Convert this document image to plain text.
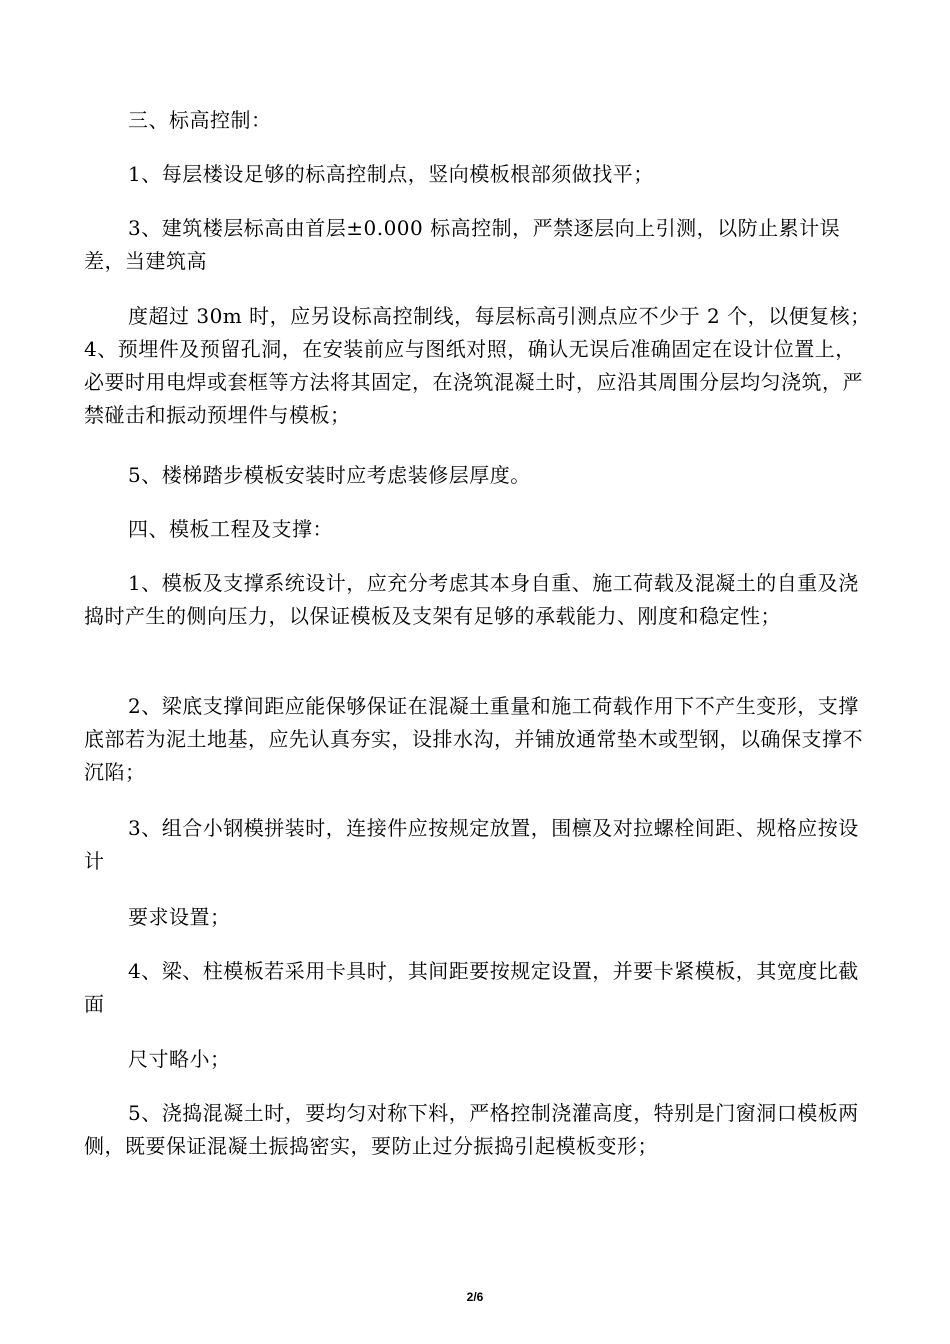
三、标高控制：

1、每层楼设足够的标高控制点，竖向模板根部须做找平；

3、建筑楼层标高由首层±0.000 标高控制，严禁逐层向上引测，以防止累计误差，当建筑高

度超过 30m 时，应另设标高控制线，每层标高引测点应不少于 2 个，以便复核；4、预埋件及预留孔洞，在安装前应与图纸对照，确认无误后准确固定在设计位置上，必要时用电焊或套框等方法将其固定，在浇筑混凝土时，应沿其周围分层均匀浇筑，严禁碰击和振动预埋件与模板；

5、楼梯踏步模板安装时应考虑装修层厚度。

四、模板工程及支撑：

1、模板及支撑系统设计，应充分考虑其本身自重、施工荷载及混凝土的自重及浇捣时产生的侧向压力，以保证模板及支架有足够的承载能力、刚度和稳定性；

2、梁底支撑间距应能保够保证在混凝土重量和施工荷载作用下不产生变形，支撑底部若为泥土地基，应先认真夯实，设排水沟，并铺放通常垫木或型钢，以确保支撑不沉陷；

3、组合小钢模拼装时，连接件应按规定放置，围檩及对拉螺栓间距、规格应按设计

要求设置；

4、梁、柱模板若采用卡具时，其间距要按规定设置，并要卡紧模板，其宽度比截面

尺寸略小；

5、浇捣混凝土时，要均匀对称下料，严格控制浇灌高度，特别是门窗洞口模板两侧，既要保证混凝土振捣密实，要防止过分振捣引起模板变形；

2/6
